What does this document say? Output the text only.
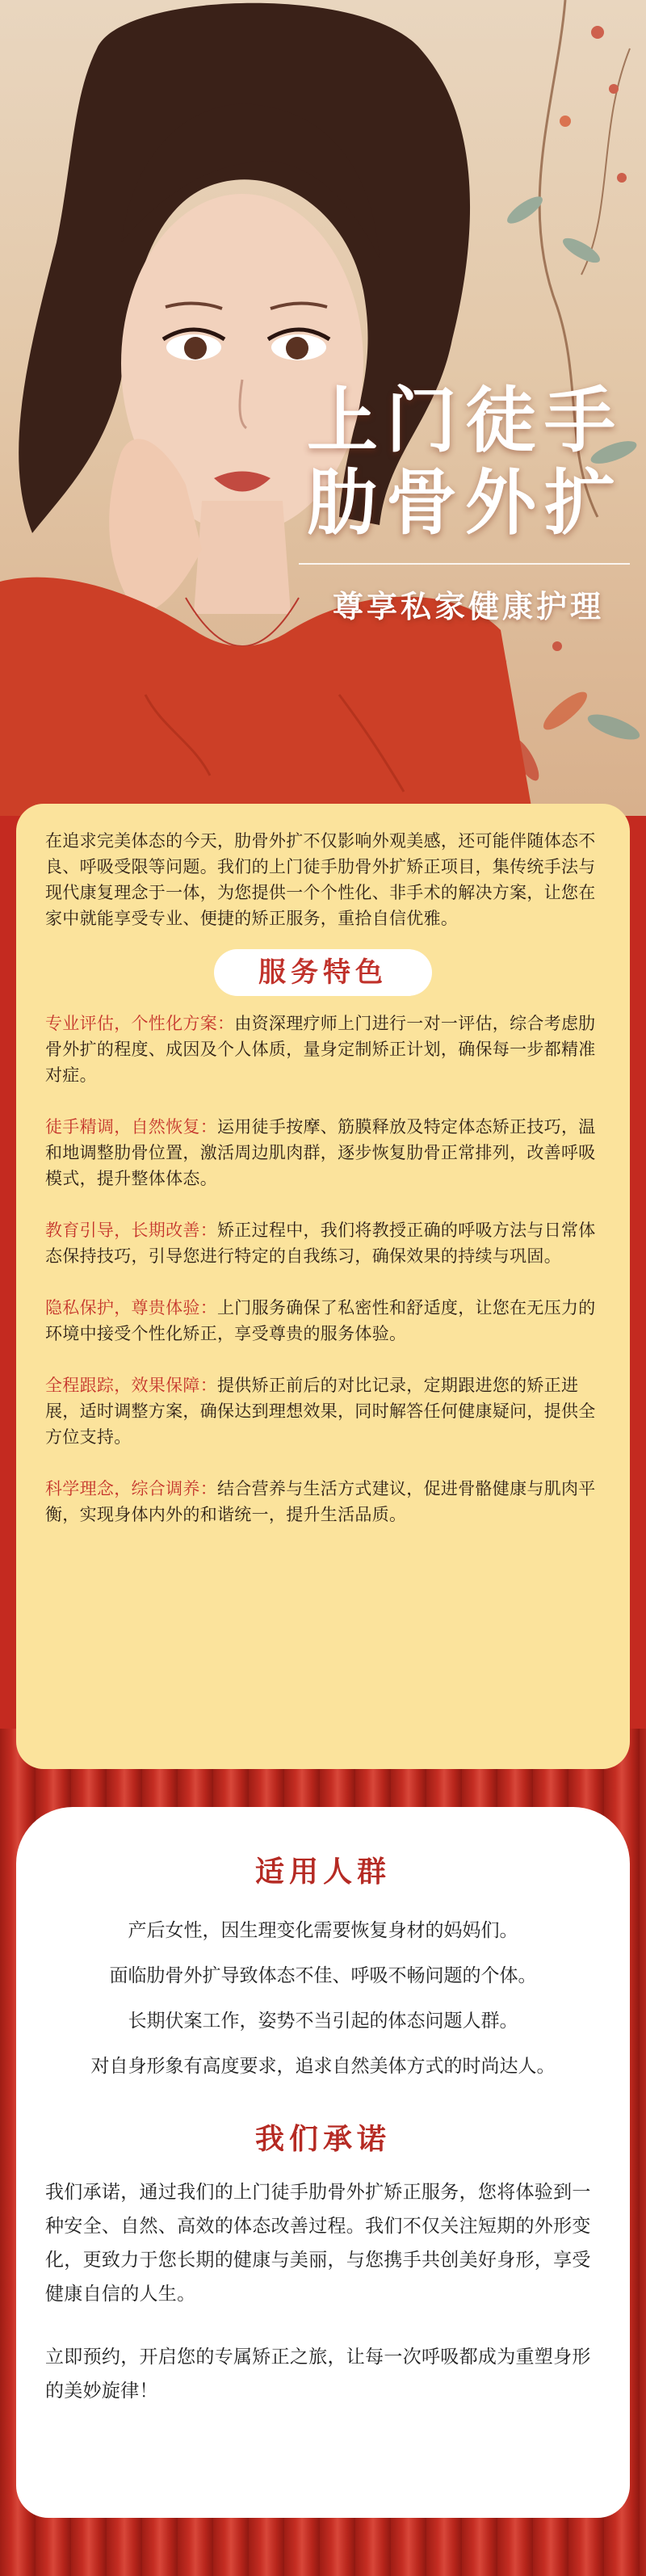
上门徒手
肋骨外扩
尊享私家健康护理

在追求完美体态的今天，肋骨外扩不仅影响外观美感，还可能伴随体态不良、呼吸受限等问题。我们的上门徒手肋骨外扩矫正项目，集传统手法与现代康复理念于一体，为您提供一个个性化、非手术的解决方案，让您在家中就能享受专业、便捷的矫正服务，重拾自信优雅。

服务特色

专业评估，个性化方案：由资深理疗师上门进行一对一评估，综合考虑肋骨外扩的程度、成因及个人体质，量身定制矫正计划，确保每一步都精准对症。

徒手精调，自然恢复：运用徒手按摩、筋膜释放及特定体态矫正技巧，温和地调整肋骨位置，激活周边肌肉群，逐步恢复肋骨正常排列，改善呼吸模式，提升整体体态。

教育引导，长期改善：矫正过程中，我们将教授正确的呼吸方法与日常体态保持技巧，引导您进行特定的自我练习，确保效果的持续与巩固。

隐私保护，尊贵体验：上门服务确保了私密性和舒适度，让您在无压力的环境中接受个性化矫正，享受尊贵的服务体验。

全程跟踪，效果保障：提供矫正前后的对比记录，定期跟进您的矫正进展，适时调整方案，确保达到理想效果，同时解答任何健康疑问，提供全方位支持。

科学理念，综合调养：结合营养与生活方式建议，促进骨骼健康与肌肉平衡，实现身体内外的和谐统一，提升生活品质。

适用人群

产后女性，因生理变化需要恢复身材的妈妈们。

面临肋骨外扩导致体态不佳、呼吸不畅问题的个体。

长期伏案工作，姿势不当引起的体态问题人群。

对自身形象有高度要求，追求自然美体方式的时尚达人。

我们承诺

我们承诺，通过我们的上门徒手肋骨外扩矫正服务，您将体验到一种安全、自然、高效的体态改善过程。我们不仅关注短期的外形变化，更致力于您长期的健康与美丽，与您携手共创美好身形，享受健康自信的人生。

立即预约，开启您的专属矫正之旅，让每一次呼吸都成为重塑身形的美妙旋律！
